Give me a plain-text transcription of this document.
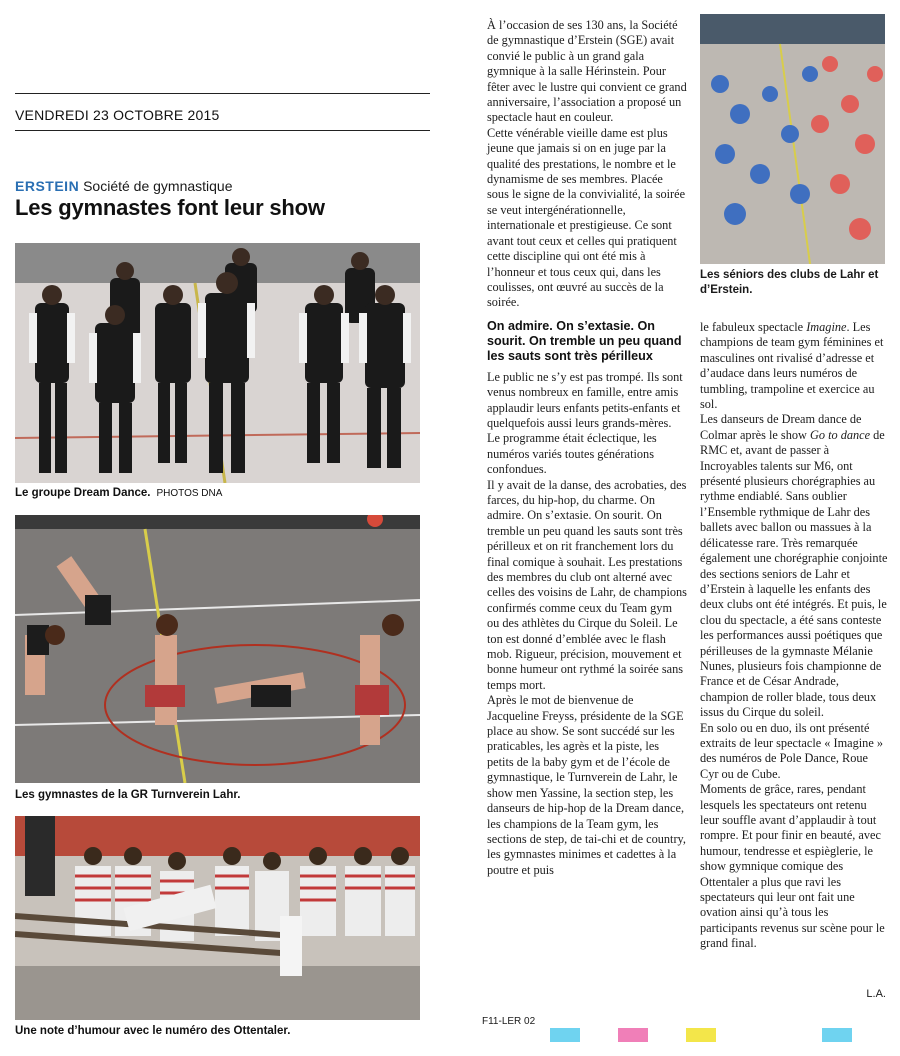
VENDREDI 23 OCTOBRE 2015
ERSTEIN Société de gymnastique
Les gymnastes font leur show
Le groupe Dream Dance. PHOTOS DNA
Les gymnastes de la GR Turnverein Lahr.
Une note d’humour avec le numéro des Ottentaler.
Les séniors des clubs de Lahr et d’Erstein.

À l’occasion de ses 130 ans, la Société de gymnastique d’Erstein (SGE) avait convié le public à un grand gala gymnique à la salle Hérinstein. Pour fêter avec le lustre qui convient ce grand anniversaire, l’association a proposé un spectacle haut en couleur.

Cette vénérable vieille dame est plus jeune que jamais si on en juge par la qualité des prestations, le nombre et le dynamisme de ses membres. Placée sous le signe de la convivialité, la soirée se veut intergénérationnelle, internationale et prestigieuse. Ce sont avant tout ceux et celles qui pratiquent cette discipline qui ont été mis à l’honneur et tous ceux qui, dans les coulisses, ont œuvré au succès de la soirée.

On admire. On s’extasie. On sourit. On tremble un peu quand les sauts sont très périlleux

Le public ne s’y est pas trompé. Ils sont venus nombreux en famille, entre amis applaudir leurs enfants petits-enfants et quelquefois aussi leurs grands-mères. Le programme était éclectique, les numéros variés toutes générations confondues.

Il y avait de la danse, des acrobaties, des farces, du hip-hop, du charme. On admire. On s’extasie. On sourit. On tremble un peu quand les sauts sont très périlleux et on rit franchement lors du final comique à souhait. Les prestations des membres du club ont alterné avec celles des voisins de Lahr, de champions confirmés comme ceux du Team gym ou des athlètes du Cirque du Soleil. Le ton est donné d’emblée avec le flash mob. Rigueur, précision, mouvement et bonne humeur ont rythmé la soirée sans temps mort.

Après le mot de bienvenue de Jacqueline Freyss, présidente de la SGE place au show. Se sont succédé sur les praticables, les agrès et la piste, les petits de la baby gym et de l’école de gymnastique, le Turnverein de Lahr, le show men Yassine, la section step, les danseurs de hip-hop de la Dream dance, les champions de la Team gym, les sections de step, de tai-chi et de country, les gymnastes minimes et cadettes à la poutre et puis

le fabuleux spectacle Imagine. Les champions de team gym féminines et masculines ont rivalisé d’adresse et d’audace dans leurs numéros de tumbling, trampoline et exercice au sol.

Les danseurs de Dream dance de Colmar après le show Go to dance de RMC et, avant de passer à Incroyables talents sur M6, ont présenté plusieurs chorégraphies au rythme endiablé. Sans oublier l’Ensemble rythmique de Lahr des ballets avec ballon ou massues à la délicatesse rare. Très remarquée également une chorégraphie conjointe des sections seniors de Lahr et d’Erstein à laquelle les enfants des deux clubs ont été intégrés. Et puis, le clou du spectacle, a été sans conteste les performances aussi poétiques que périlleuses de la gymnaste Mélanie Nunes, plusieurs fois championne de France et de César Andrade, champion de roller blade, tous deux issus du Cirque du soleil.

En solo ou en duo, ils ont présenté extraits de leur spectacle « Imagine » des numéros de Pole Dance, Roue Cyr ou de Cube.

Moments de grâce, rares, pendant lesquels les spectateurs ont retenu leur souffle avant d’applaudir à tout rompre. Et pour finir en beauté, avec humour, tendresse et espièglerie, le show gymnique comique des Ottentaler a plus que ravi les spectateurs qui leur ont fait une ovation ainsi qu’à tous les participants revenus sur scène pour le grand final.

L.A.
F11-LER 02
